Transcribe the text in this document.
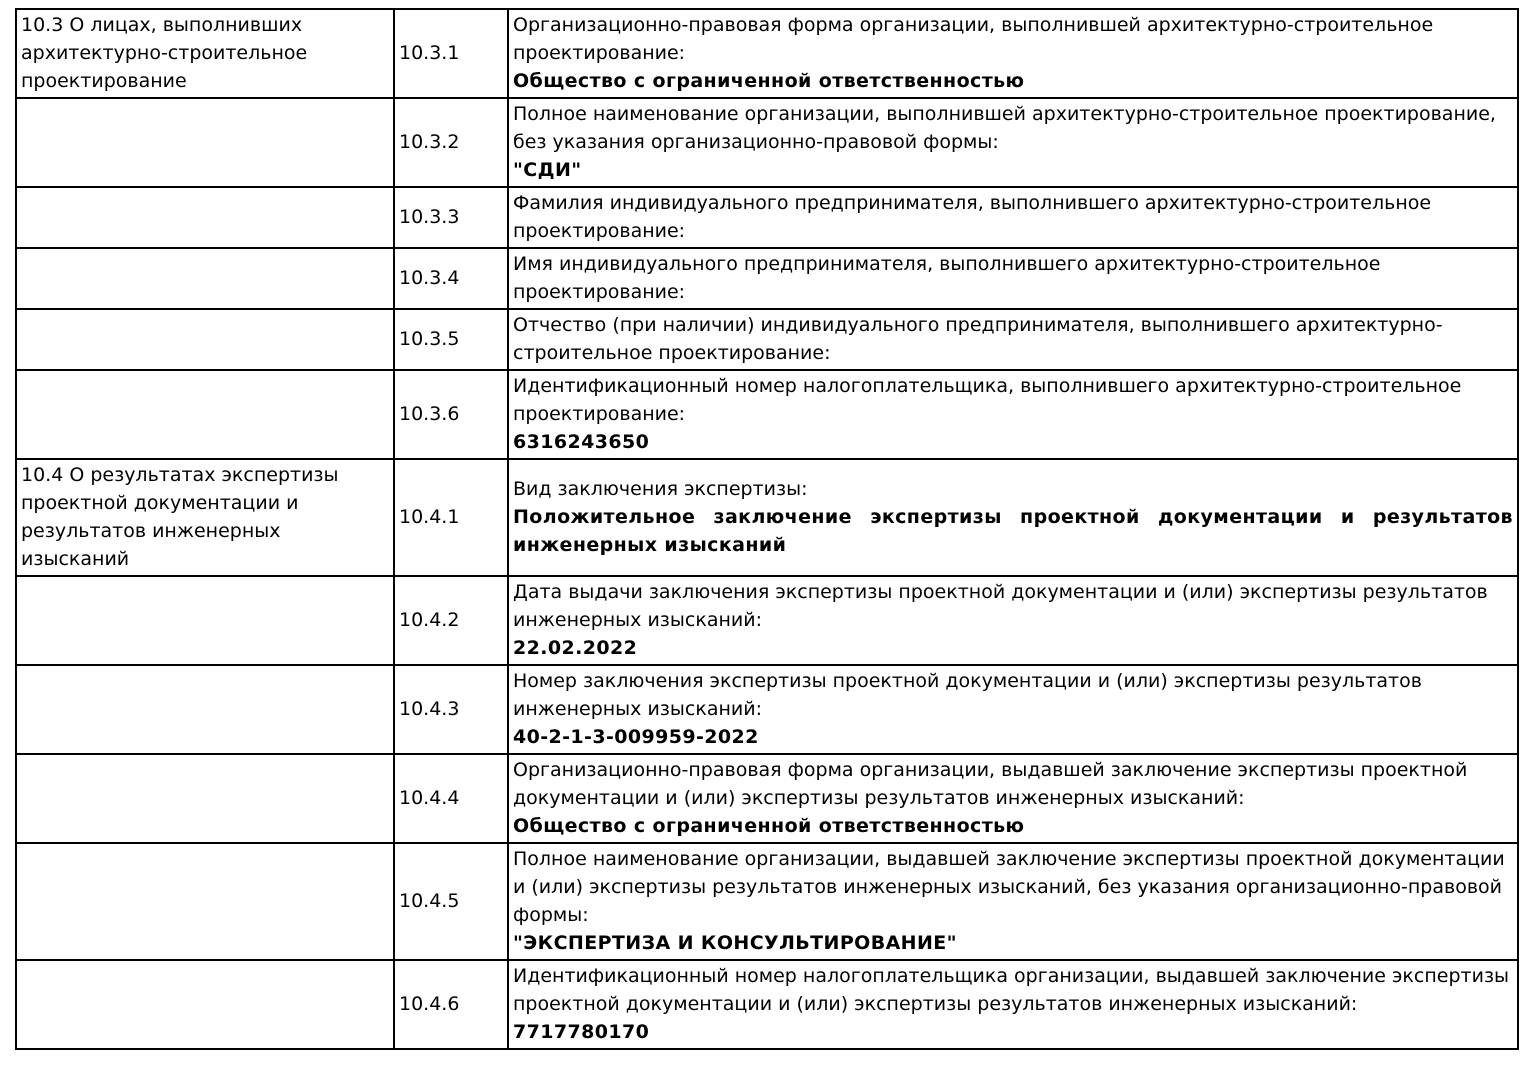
10.3 О лицах, выполнивших архитектурно-строительное проектирование	10.3.1	Организационно-правовая форма организации, выполнившей архитектурно-строительное проектирование:
Общество с ограниченной ответственностью

	10.3.2	Полное наименование организации, выполнившей архитектурно-строительное проектирование, без указания организационно-правовой формы:
"СДИ"

	10.3.3	Фамилия индивидуального предпринимателя, выполнившего архитектурно-строительное проектирование:

	10.3.4	Имя индивидуального предпринимателя, выполнившего архитектурно-строительное проектирование:

	10.3.5	Отчество (при наличии) индивидуального предпринимателя, выполнившего архитектурно-строительное проектирование:

	10.3.6	Идентификационный номер налогоплательщика, выполнившего архитектурно-строительное проектирование:
6316243650

10.4 О результатах экспертизы проектной документации и результатов инженерных изысканий	10.4.1	Вид заключения экспертизы:
Положительное заключение экспертизы проектной документации и результатов инженерных изысканий

	10.4.2	Дата выдачи заключения экспертизы проектной документации и (или) экспертизы результатов инженерных изысканий:
22.02.2022

	10.4.3	Номер заключения экспертизы проектной документации и (или) экспертизы результатов инженерных изысканий:
40-2-1-3-009959-2022

	10.4.4	Организационно-правовая форма организации, выдавшей заключение экспертизы проектной документации и (или) экспертизы результатов инженерных изысканий:
Общество с ограниченной ответственностью

	10.4.5	Полное наименование организации, выдавшей заключение экспертизы проектной документации и (или) экспертизы результатов инженерных изысканий, без указания организационно-правовой формы:
"ЭКСПЕРТИЗА И КОНСУЛЬТИРОВАНИЕ"

	10.4.6	Идентификационный номер налогоплательщика организации, выдавшей заключение экспертизы проектной документации и (или) экспертизы результатов инженерных изысканий:
7717780170
